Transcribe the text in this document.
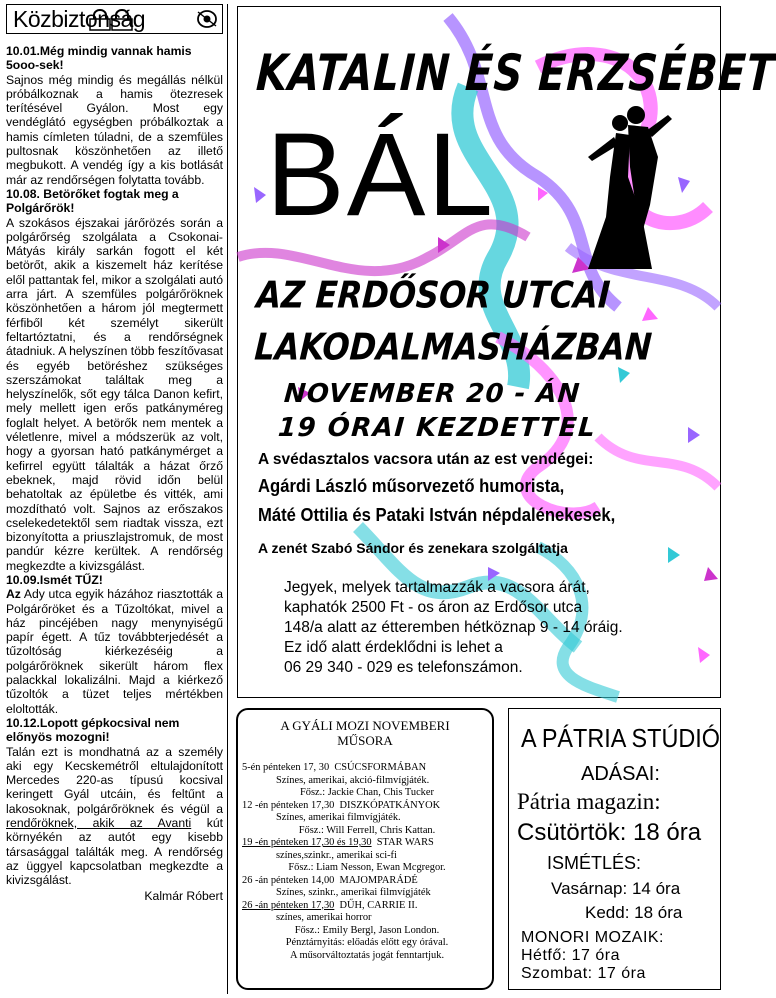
Közbiztonság
10.01.Még mindig vannak hamis 5ooo-sek!
Sajnos még mindig és megállás nélkül próbálkoznak a hamis ötezresek terítésével Gyálon. Most egy vendéglátó egységben próbálkoztak a hamis címleten túladni, de a szemfüles pultosnak köszönhetően az illető megbukott. A vendég így a kis botlását már az rendőrségen folytatta tovább.
10.08. Betörőket fogtak meg a Polgárőrök!
A szokásos éjszakai járőrözés során a polgárőrség szolgálata a Csokonai-Mátyás király sarkán fogott el két betörőt, akik a kiszemelt ház kerítése elől pattantak fel, mikor a szolgálati autó arra járt. A szemfüles polgárőröknek köszönhetően a három jól megtermett férfiből két személyt sikerült feltartóztatni, és a rendőrségnek átadniuk. A helyszínen több feszítővasat és egyéb betöréshez szükséges szerszámokat találtak meg a helyszínelők, sőt egy tálca Danon kefirt, mely mellett igen erős patkányméreg foglalt helyet. A betörők nem mentek a véletlenre, mivel a módszerük az volt, hogy a gyorsan ható patkánymérget a kefirrel együtt tálalták a házat őrző ebeknek, majd rövid időn belül behatoltak az épületbe és vitték, ami mozdítható volt. Sajnos az erőszakos cselekedetektől sem riadtak vissza, ezt bizonyította a priuszlajstromuk, de most pandúr kézre kerültek. A rendőrség megkezdte a kivizsgálást.
10.09.Ismét TŰZ!
Az Ady utca egyik házához riasztották a Polgárőröket és a Tűzoltókat, mivel a ház pincéjében nagy menynyiségű papír égett. A tűz továbbterjedését a tűzoltóság kiérkezéséig a polgárőröknek sikerült három flex palackkal lokalizálni. Majd a kiérkező tűzoltók a tüzet teljes mértékben eloltották.
10.12.Lopott gépkocsival nem előnyös mozogni!
Talán ezt is mondhatná az a személy aki egy Kecskemétről eltulajdonított Mercedes 220-as típusú kocsival keringett Gyál utcáin, és feltűnt a lakosoknak, polgárőröknek és végül a rendőröknek, akik az Avanti kút környékén az autót egy kisebb társasággal találták meg. A rendőrség az üggyel kapcsolatban megkezdte a kivizsgálást.
Kalmár Róbert
KATALIN ÉS ERZSÉBET
BÁL
AZ ERDŐSOR UTCAI
LAKODALMASHÁZBAN
NOVEMBER 20 - ÁN
19 ÓRAI KEZDETTEL
A svédasztalos vacsora után az est vendégei:
Agárdi László műsorvezető humorista,
Máté Ottilia és Pataki István népdalénekesek,
A zenét Szabó Sándor és zenekara szolgáltatja
Jegyek, melyek tartalmazzák a vacsora árát,
kaphatók 2500 Ft - os áron az Erdősor utca
148/a alatt az étteremben hétköznap 9 - 14 óráig.
Ez idő alatt érdeklődni is lehet a
06 29 340 - 029 es telefonszámon.
A GYÁLI MOZI NOVEMBERI
MŰSORA
5-én pénteken 17, 30 CSÚCSFORMÁBAN
Színes, amerikai, akció-filmvígjáték.
Fősz.: Jackie Chan, Chis Tucker
12 -én pénteken 17,30 DISZKÓPATKÁNYOK
Színes, amerikai filmvígjáték.
Fősz.: Will Ferrell, Chris Kattan.
19 -én pénteken 17,30 és 19,30 STAR WARS
színes,szinkr., amerikai sci-fi
Fősz.: Liam Nesson, Ewan Mcgregor.
26 -án pénteken 14,00 MAJOMPARÁDÉ
Színes, szinkr., amerikai filmvígjáték
26 -án pénteken 17,30 DŰH, CARRIE II.
színes, amerikai horror
Fősz.: Emily Bergl, Jason London.
Pénztárnyitás: előadás előtt egy órával.
A műsorváltoztatás jogát fenntartjuk.
A PÁTRIA STÚDIÓ
ADÁSAI:
Pátria magazin:
Csütörtök: 18 óra
ISMÉTLÉS:
Vasárnap: 14 óra
Kedd: 18 óra
MONORI MOZAIK:
Hétfő: 17 óra
Szombat: 17 óra
